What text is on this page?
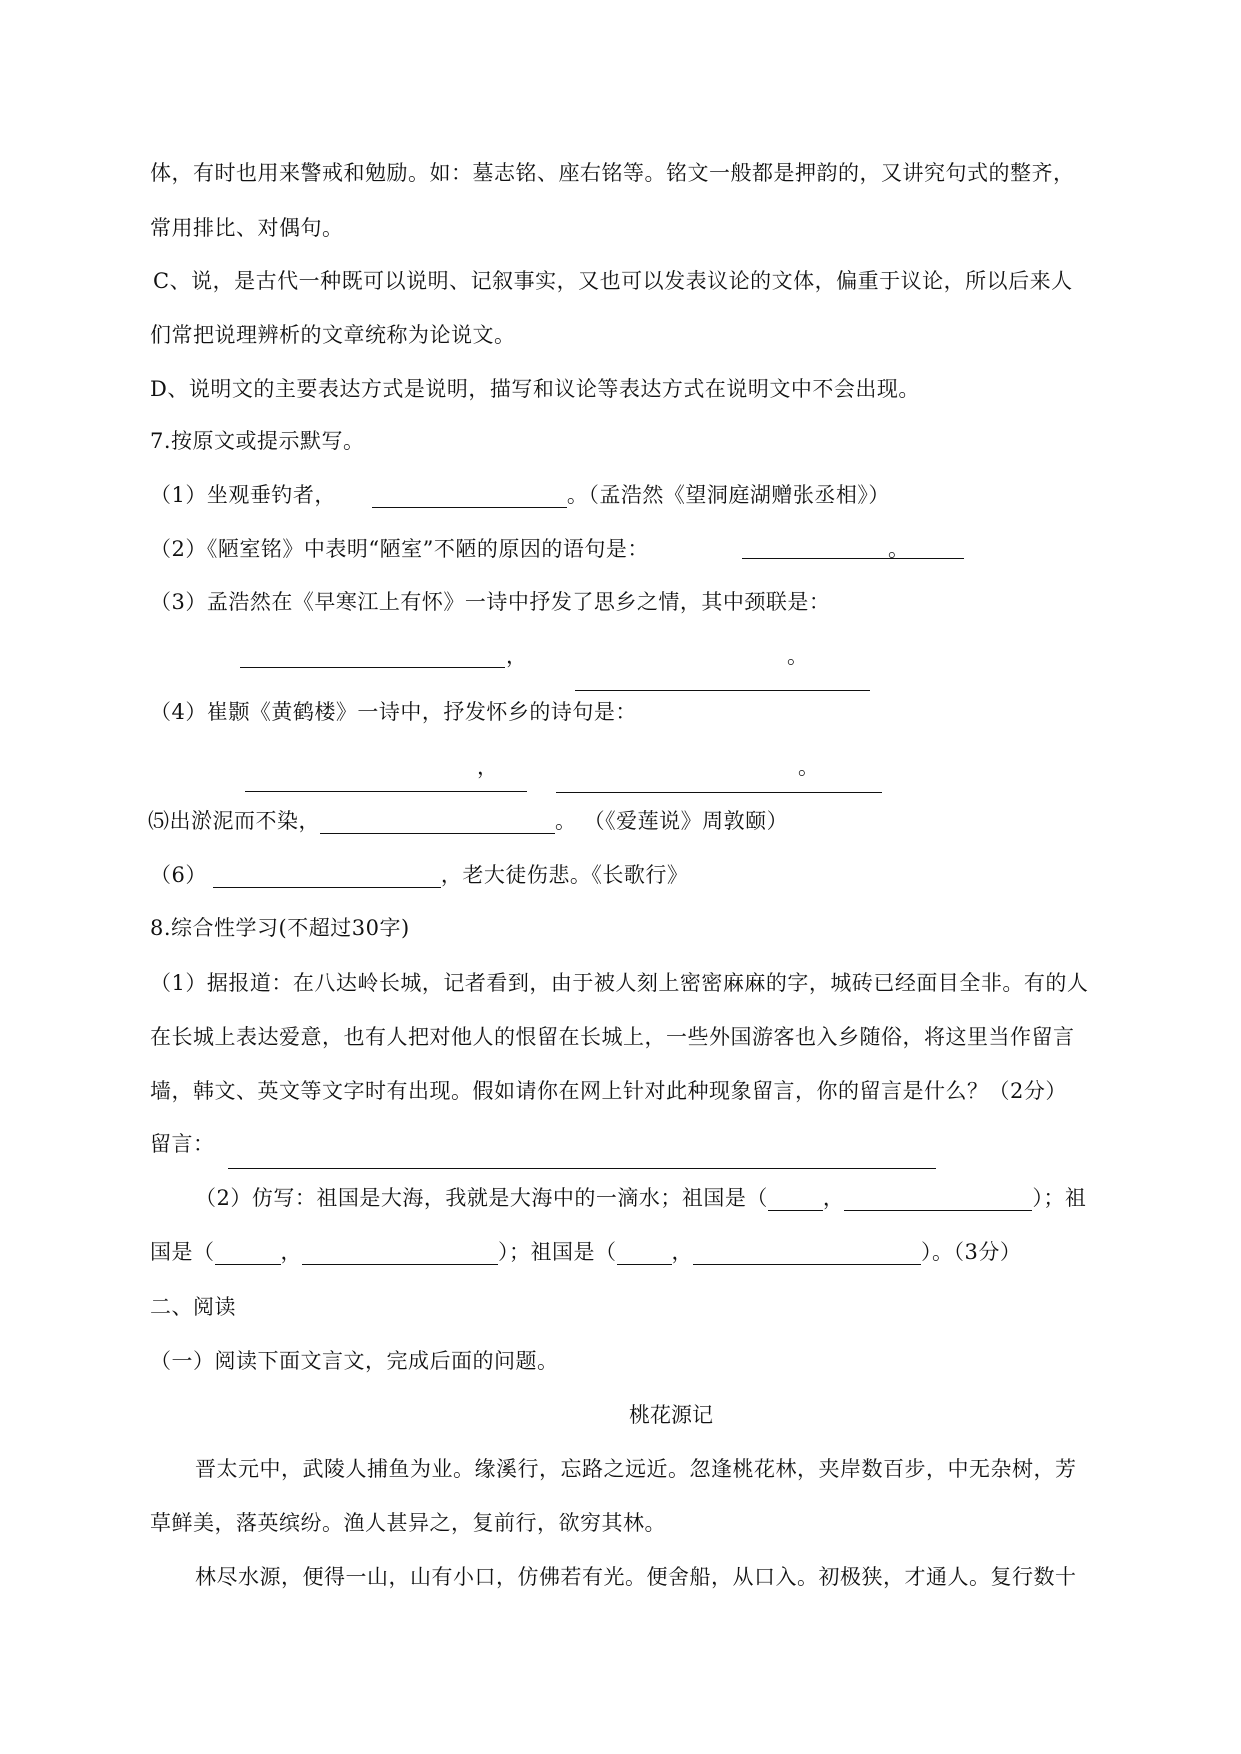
体，有时也用来警戒和勉励。如：墓志铭、座右铭等。铭文一般都是押韵的，又讲究句式的整齐，
常用排比、对偶句。
C、说，是古代一种既可以说明、记叙事实，又也可以发表议论的文体，偏重于议论，所以后来人
们常把说理辨析的文章统称为论说文。
D、说明文的主要表达方式是说明，描写和议论等表达方式在说明文中不会出现。
7.按原文或提示默写。
（1）坐观垂钓者，	。（孟浩然《望洞庭湖赠张丞相》）
（2）《陋室铭》中表明“陋室”不陋的原因的语句是：	。
（3）孟浩然在《早寒江上有怀》一诗中抒发了思乡之情，其中颈联是：
，	。
（4）崔颢《黄鹤楼》一诗中，抒发怀乡的诗句是：
，	。
⑸出淤泥而不染，	。 （《爱莲说》周敦颐）
（6）	，老大徒伤悲。《长歌行》
8.综合性学习(不超过30字)
（1）据报道：在八达岭长城，记者看到，由于被人刻上密密麻麻的字，城砖已经面目全非。有的人
在长城上表达爱意，也有人把对他人的恨留在长城上，一些外国游客也入乡随俗，将这里当作留言
墙，韩文、英文等文字时有出现。假如请你在网上针对此种现象留言，你的留言是什么？（2分）
留言：
（2）仿写：祖国是大海，我就是大海中的一滴水；祖国是（	，	）；祖
国是（	，	）；祖国是（	，	）。（3分）
二、阅读
（一）阅读下面文言文，完成后面的问题。
桃花源记
晋太元中，武陵人捕鱼为业。缘溪行，忘路之远近。忽逢桃花林，夹岸数百步，中无杂树，芳
草鲜美，落英缤纷。渔人甚异之，复前行，欲穷其林。
林尽水源，便得一山，山有小口，仿佛若有光。便舍船，从口入。初极狭，才通人。复行数十
